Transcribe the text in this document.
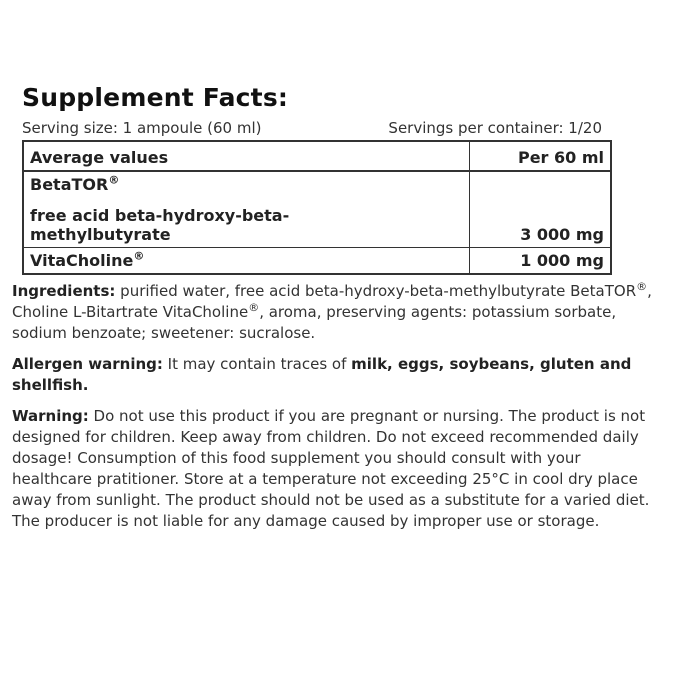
Supplement Facts:
Serving size: 1 ampoule (60 ml)	Servings per container: 1/20
Average values	Per 60 ml
BetaTOR®
free acid beta-hydroxy-beta-
methylbutyrate	3 000 mg
VitaCholine®	1 000 mg

Ingredients: purified water, free acid beta-hydroxy-beta-methylbutyrate BetaTOR®, Choline L-Bitartrate VitaCholine®, aroma, preserving agents: potassium sorbate, sodium benzoate; sweetener: sucralose.

Allergen warning: It may contain traces of milk, eggs, soybeans, gluten and shellfish.

Warning: Do not use this product if you are pregnant or nursing. The product is not designed for children. Keep away from children. Do not exceed recommended daily dosage! Consumption of this food supplement you should consult with your healthcare pratitioner. Store at a temperature not exceeding 25°C in cool dry place away from sunlight. The product should not be used as a substitute for a varied diet. The producer is not liable for any damage caused by improper use or storage.
